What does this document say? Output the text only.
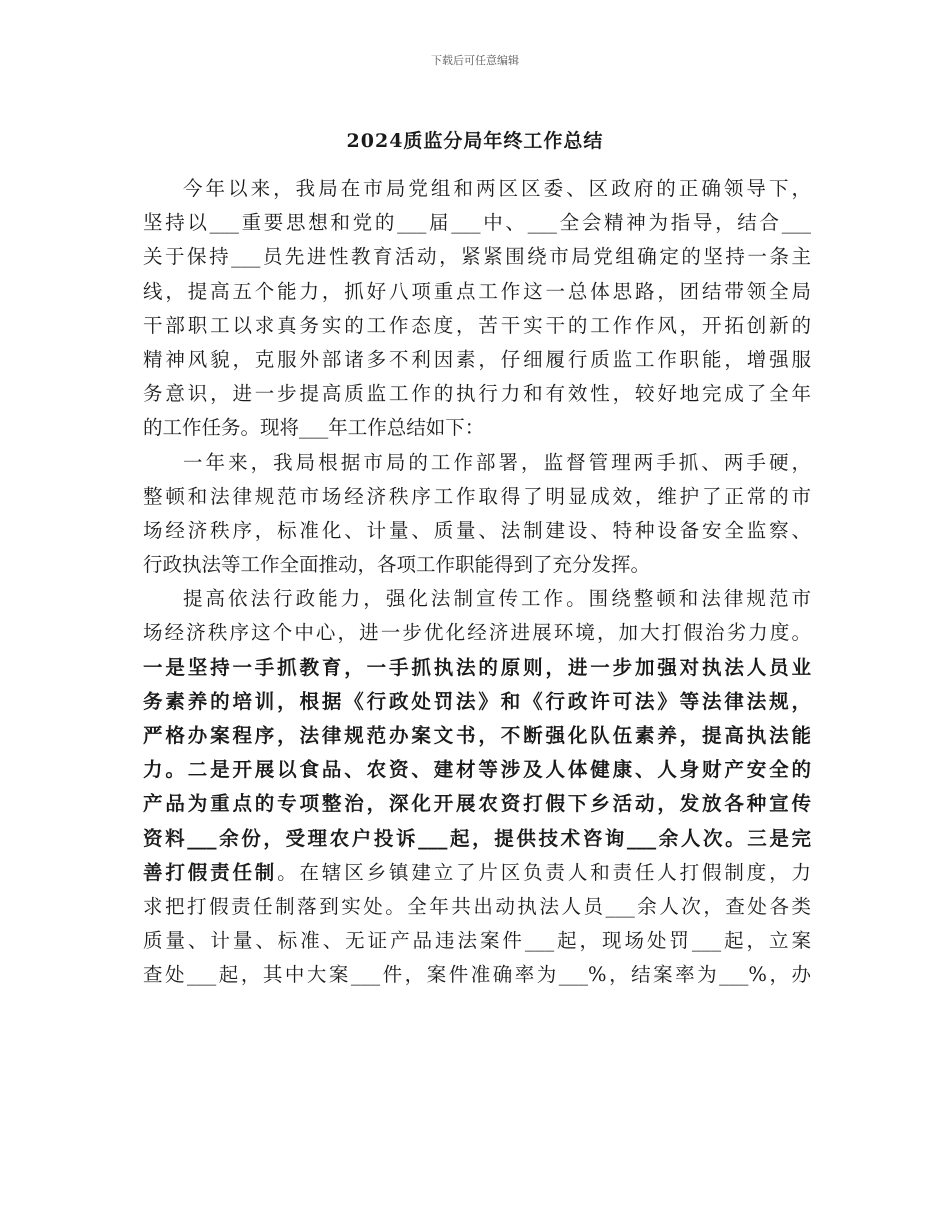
下载后可任意编辑
2024质监分局年终工作总结
今年以来，我局在市局党组和两区区委、区政府的正确领导下，
坚持以___重要思想和党的___届___中、___全会精神为指导，结合___
关于保持___员先进性教育活动，紧紧围绕市局党组确定的坚持一条主
线，提高五个能力，抓好八项重点工作这一总体思路，团结带领全局
干部职工以求真务实的工作态度，苦干实干的工作作风，开拓创新的
精神风貌，克服外部诸多不利因素，仔细履行质监工作职能，增强服
务意识，进一步提高质监工作的执行力和有效性，较好地完成了全年
的工作任务。现将___年工作总结如下：
一年来，我局根据市局的工作部署，监督管理两手抓、两手硬，
整顿和法律规范市场经济秩序工作取得了明显成效，维护了正常的市
场经济秩序，标准化、计量、质量、法制建设、特种设备安全监察、
行政执法等工作全面推动，各项工作职能得到了充分发挥。
提高依法行政能力，强化法制宣传工作。围绕整顿和法律规范市
场经济秩序这个中心，进一步优化经济进展环境，加大打假治劣力度。
一是坚持一手抓教育，一手抓执法的原则，进一步加强对执法人员业
务素养的培训，根据《行政处罚法》和《行政许可法》等法律法规，
严格办案程序，法律规范办案文书，不断强化队伍素养，提高执法能
力。二是开展以食品、农资、建材等涉及人体健康、人身财产安全的
产品为重点的专项整治，深化开展农资打假下乡活动，发放各种宣传
资料___余份，受理农户投诉___起，提供技术咨询___余人次。三是完
善打假责任制。在辖区乡镇建立了片区负责人和责任人打假制度，力
求把打假责任制落到实处。全年共出动执法人员___余人次，查处各类
质量、计量、标准、无证产品违法案件___起，现场处罚___起，立案
查处___起，其中大案___件，案件准确率为___%，结案率为___%，办
